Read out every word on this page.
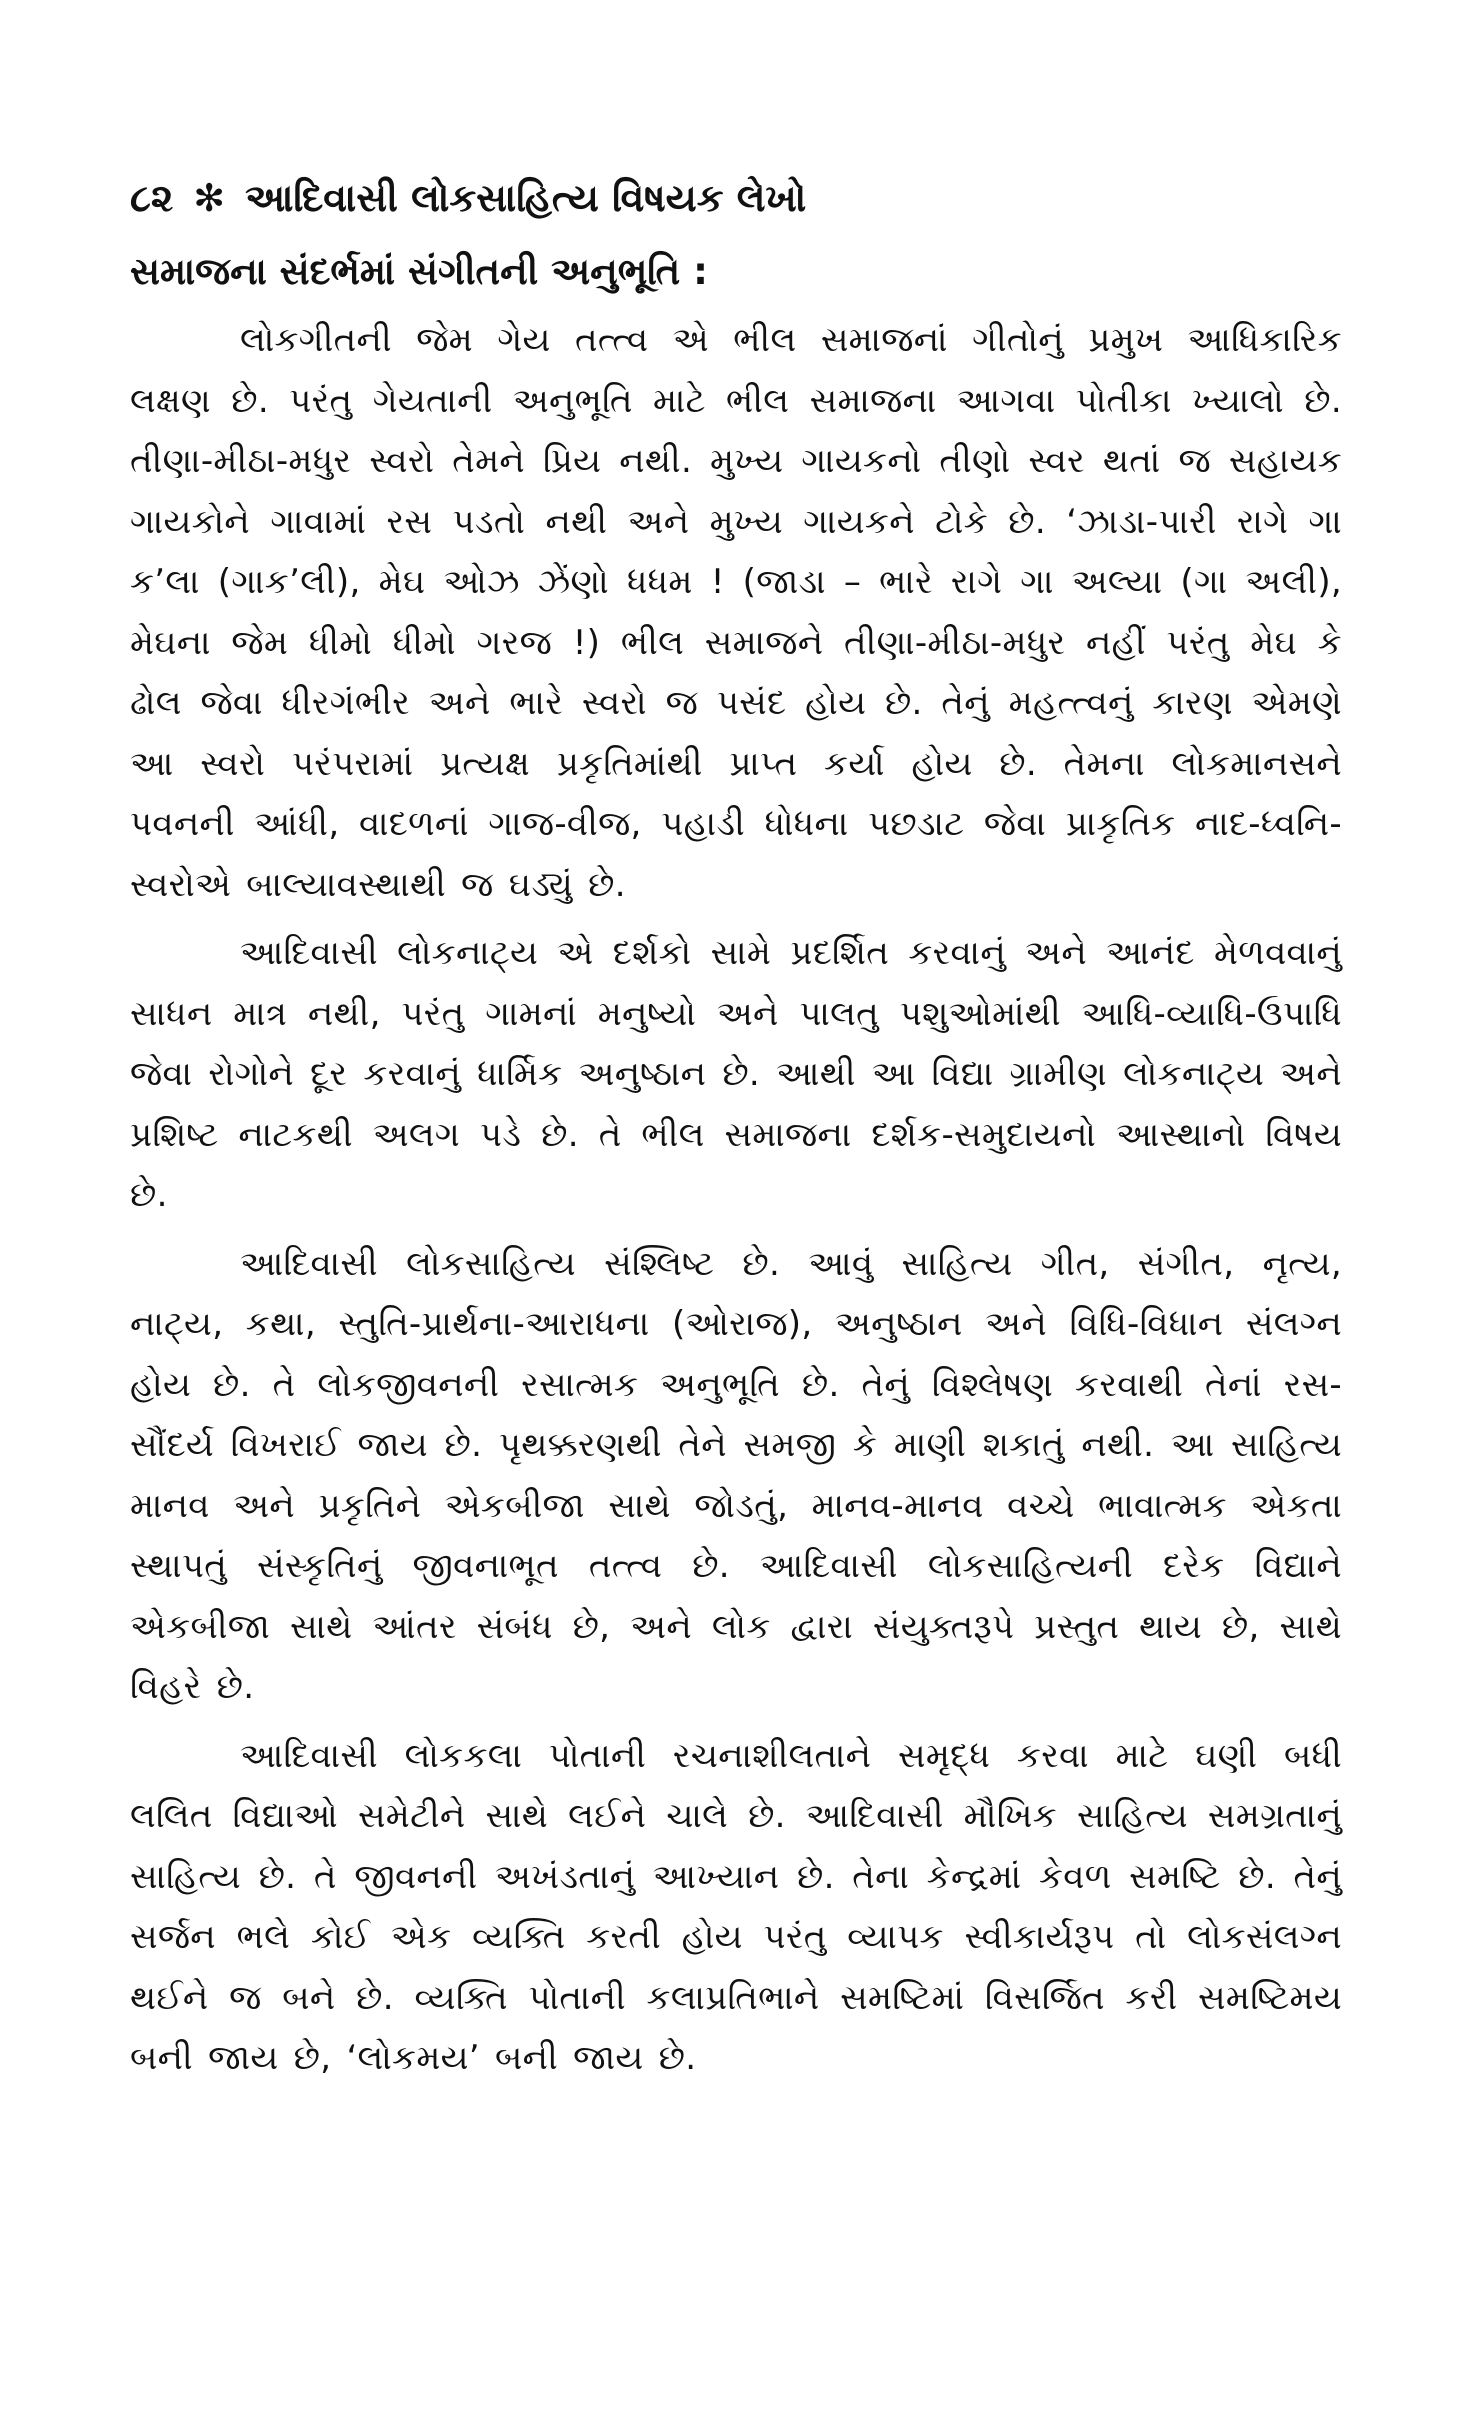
૮૨ ✻ આદિવાસી લોકસાહિત્ય વિષયક લેખો
સમાજના સંદર્ભમાં સંગીતની અનુભૂતિ :

લોકગીતની જેમ ગેય તત્ત્વ એ ભીલ સમાજનાં ગીતોનું પ્રમુખ આધિકારિક લક્ષણ છે. પરંતુ ગેયતાની અનુભૂતિ માટે ભીલ સમાજના આગવા પોતીકા ખ્યાલો છે. તીણા-મીઠા-મધુર સ્વરો તેમને પ્રિય નથી. મુખ્ય ગાયકનો તીણો સ્વર થતાં જ સહાયક ગાયકોને ગાવામાં રસ પડતો નથી અને મુખ્ય ગાયકને ટોકે છે. ‘ઝાડા-પારી રાગે ગા ક’લા (ગાક’લી), મેઘ ઓઝ ઝેંણો ધધમ ! (જાડા – ભારે રાગે ગા અલ્યા (ગા અલી), મેઘના જેમ ધીમો ધીમો ગરજ !) ભીલ સમાજને તીણા-મીઠા-મધુર નહીં પરંતુ મેઘ કે ઢોલ જેવા ધીરગંભીર અને ભારે સ્વરો જ પસંદ હોય છે. તેનું મહત્ત્વનું કારણ એમણે આ સ્વરો પરંપરામાં પ્રત્યક્ષ પ્રકૃતિમાંથી પ્રાપ્ત કર્યા હોય છે. તેમના લોકમાનસને પવનની આંધી, વાદળનાં ગાજ-વીજ, પહાડી ધોધના પછડાટ જેવા પ્રાકૃતિક નાદ-ધ્વનિ-સ્વરોએ બાલ્યાવસ્થાથી જ ઘડ્યું છે.

આદિવાસી લોકનાટ્ય એ દર્શકો સામે પ્રદર્શિત કરવાનું અને આનંદ મેળવવાનું સાધન માત્ર નથી, પરંતુ ગામનાં મનુષ્યો અને પાલતુ પશુઓમાંથી આધિ-વ્યાધિ-ઉપાધિ જેવા રોગોને દૂર કરવાનું ધાર્મિક અનુષ્ઠાન છે. આથી આ વિદ્યા ગ્રામીણ લોકનાટ્ય અને પ્રશિષ્ટ નાટકથી અલગ પડે છે. તે ભીલ સમાજના દર્શક-સમુદાયનો આસ્થાનો વિષય છે.

આદિવાસી લોકસાહિત્ય સંશ્લિષ્ટ છે. આવું સાહિત્ય ગીત, સંગીત, નૃત્ય, નાટ્ય, કથા, સ્તુતિ-પ્રાર્થના-આરાધના (ઓરાજ), અનુષ્ઠાન અને વિધિ-વિધાન સંલગ્ન હોય છે. તે લોકજીવનની રસાત્મક અનુભૂતિ છે. તેનું વિશ્લેષણ કરવાથી તેનાં રસ-સૌંદર્ય વિખરાઈ જાય છે. પૃથક્કરણથી તેને સમજી કે માણી શકાતું નથી. આ સાહિત્ય માનવ અને પ્રકૃતિને એકબીજા સાથે જોડતું, માનવ-માનવ વચ્ચે ભાવાત્મક એકતા સ્થાપતું સંસ્કૃતિનું જીવનાભૂત તત્ત્વ છે. આદિવાસી લોકસાહિત્યની દરેક વિદ્યાને એકબીજા સાથે આંતર સંબંધ છે, અને લોક દ્વારા સંયુક્તરૂપે પ્રસ્તુત થાય છે, સાથે વિહરે છે.

આદિવાસી લોકકલા પોતાની રચનાશીલતાને સમૃદ્ધ કરવા માટે ઘણી બધી લલિત વિદ્યાઓ સમેટીને સાથે લઈને ચાલે છે. આદિવાસી મૌખિક સાહિત્ય સમગ્રતાનું સાહિત્ય છે. તે જીવનની અખંડતાનું આખ્યાન છે. તેના કેન્દ્રમાં કેવળ સમષ્ટિ છે. તેનું સર્જન ભલે કોઈ એક વ્યક્તિ કરતી હોય પરંતુ વ્યાપક સ્વીકાર્યરૂપ તો લોકસંલગ્ન થઈને જ બને છે. વ્યક્તિ પોતાની કલાપ્રતિભાને સમષ્ટિમાં વિસર્જિત કરી સમષ્ટિમય બની જાય છે, ‘લોકમય’ બની જાય છે.
